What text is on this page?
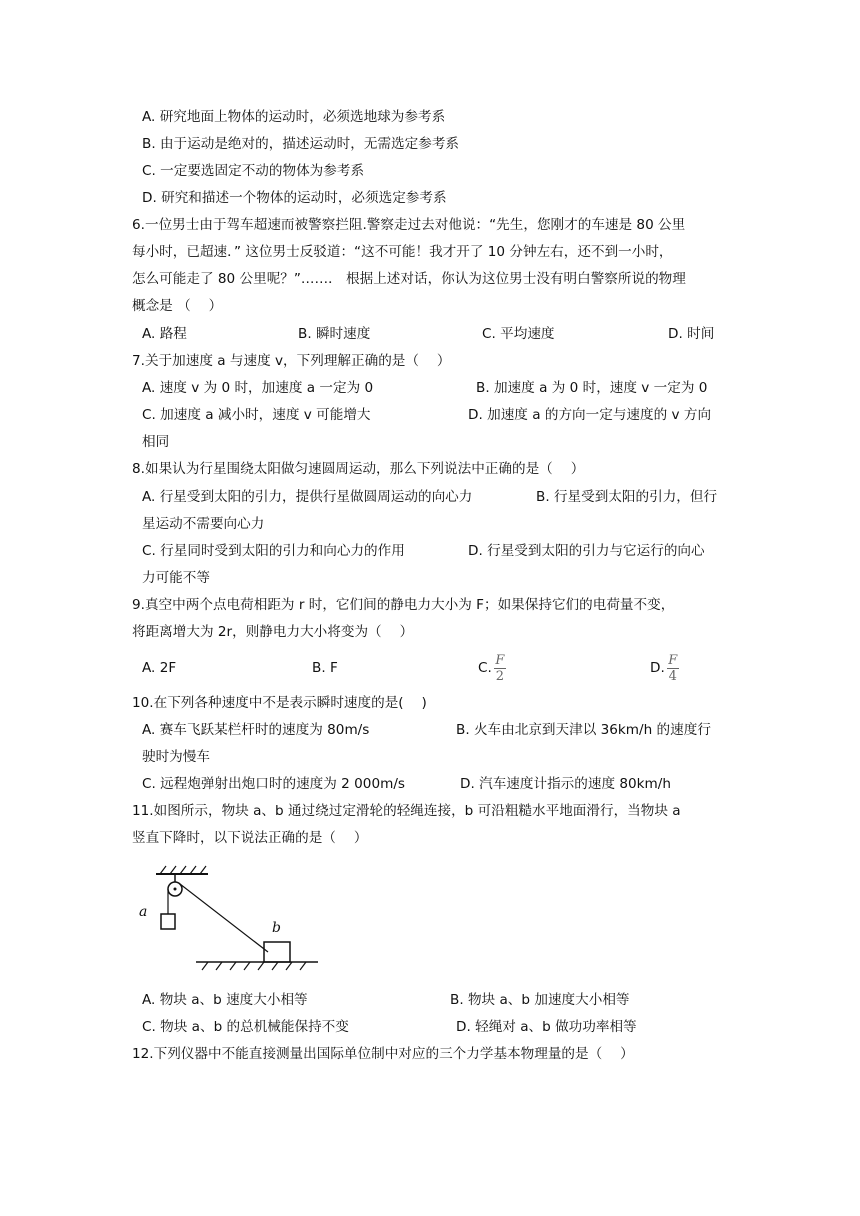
A. 研究地面上物体的运动时，必须选地球为参考系
B. 由于运动是绝对的，描述运动时，无需选定参考系
C. 一定要选固定不动的物体为参考系
D. 研究和描述一个物体的运动时，必须选定参考系
6.一位男士由于驾车超速而被警察拦阻.警察走过去对他说：“先生，您刚才的车速是 80 公里
每小时，已超速．” 这位男士反驳道：“这不可能！我才开了 10 分钟左右，还不到一小时，
怎么可能走了 80 公里呢？”……． 根据上述对话，你认为这位男士没有明白警察所说的物理
概念是 （　 ）
A. 路程	B. 瞬时速度	C. 平均速度	D. 时间
7.关于加速度 a 与速度 v，下列理解正确的是（　 ）
A. 速度 v 为 0 时，加速度 a 一定为 0	B. 加速度 a 为 0 时，速度 v 一定为 0
C. 加速度 a 减小时，速度 v 可能增大	D. 加速度 a 的方向一定与速度的 v 方向
相同
8.如果认为行星围绕太阳做匀速圆周运动，那么下列说法中正确的是（　 ）
A. 行星受到太阳的引力，提供行星做圆周运动的向心力	B. 行星受到太阳的引力，但行
星运动不需要向心力
C. 行星同时受到太阳的引力和向心力的作用	D. 行星受到太阳的引力与它运行的向心
力可能不等
9.真空中两个点电荷相距为 r 时，它们间的静电力大小为 F；如果保持它们的电荷量不变，
将距离增大为 2r，则静电力大小将变为（　 ）
A. 2F	B. F	C. $\frac{F}{2}$	D. $\frac{F}{4}$
10.在下列各种速度中不是表示瞬时速度的是(　 )
A. 赛车飞跃某栏杆时的速度为 80m/s	B. 火车由北京到天津以 36km/h 的速度行
驶时为慢车
C. 远程炮弹射出炮口时的速度为 2 000m/s	D. 汽车速度计指示的速度 80km/h
11.如图所示，物块 a、b 通过绕过定滑轮的轻绳连接，b 可沿粗糙水平地面滑行，当物块 a
竖直下降时，以下说法正确的是（　 ）
a
b
A. 物块 a、b 速度大小相等	B. 物块 a、b 加速度大小相等
C. 物块 a、b 的总机械能保持不变	D. 轻绳对 a、b 做功功率相等
12.下列仪器中不能直接测量出国际单位制中对应的三个力学基本物理量的是（　 ）
